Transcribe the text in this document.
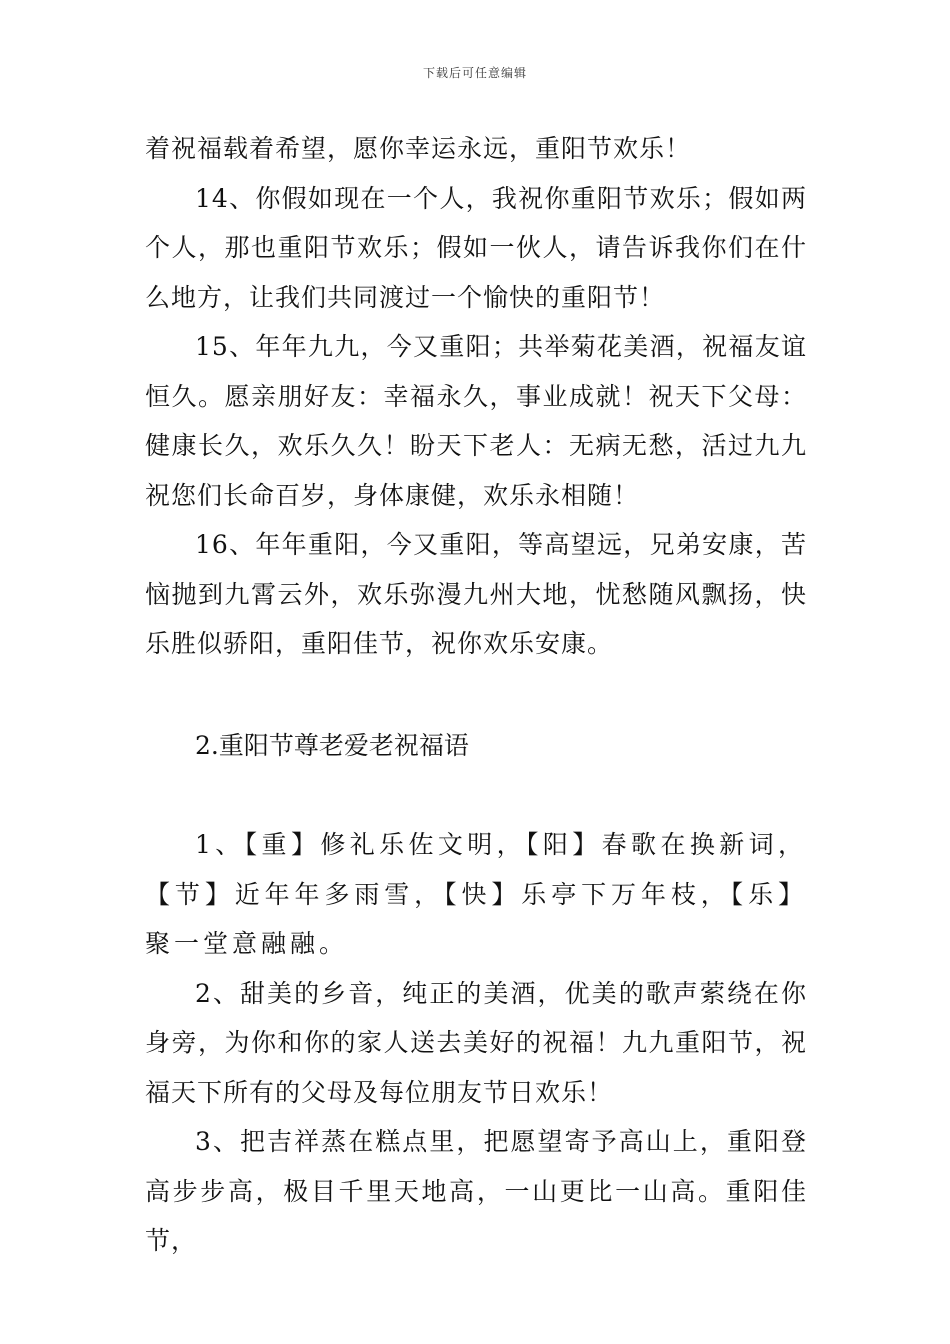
下载后可任意编辑

着祝福载着希望，愿你幸运永远，重阳节欢乐！

14、你假如现在一个人，我祝你重阳节欢乐；假如两个人，那也重阳节欢乐；假如一伙人，请告诉我你们在什么地方，让我们共同渡过一个愉快的重阳节！

15、年年九九，今又重阳；共举菊花美酒，祝福友谊恒久。愿亲朋好友：幸福永久，事业成就！祝天下父母：健康长久，欢乐久久！盼天下老人：无病无愁，活过九九祝您们长命百岁，身体康健，欢乐永相随！

16、年年重阳，今又重阳，等高望远，兄弟安康，苦恼抛到九霄云外，欢乐弥漫九州大地，忧愁随风飘扬，快乐胜似骄阳，重阳佳节，祝你欢乐安康。

2.重阳节尊老爱老祝福语

1、【重】修礼乐佐文明，【阳】春歌在换新词，【节】近年年多雨雪，【快】乐亭下万年枝，【乐】聚一堂意融融。

2、甜美的乡音，纯正的美酒，优美的歌声萦绕在你身旁，为你和你的家人送去美好的祝福！九九重阳节，祝福天下所有的父母及每位朋友节日欢乐！

3、把吉祥蒸在糕点里，把愿望寄予高山上，重阳登高步步高，极目千里天地高，一山更比一山高。重阳佳节，
